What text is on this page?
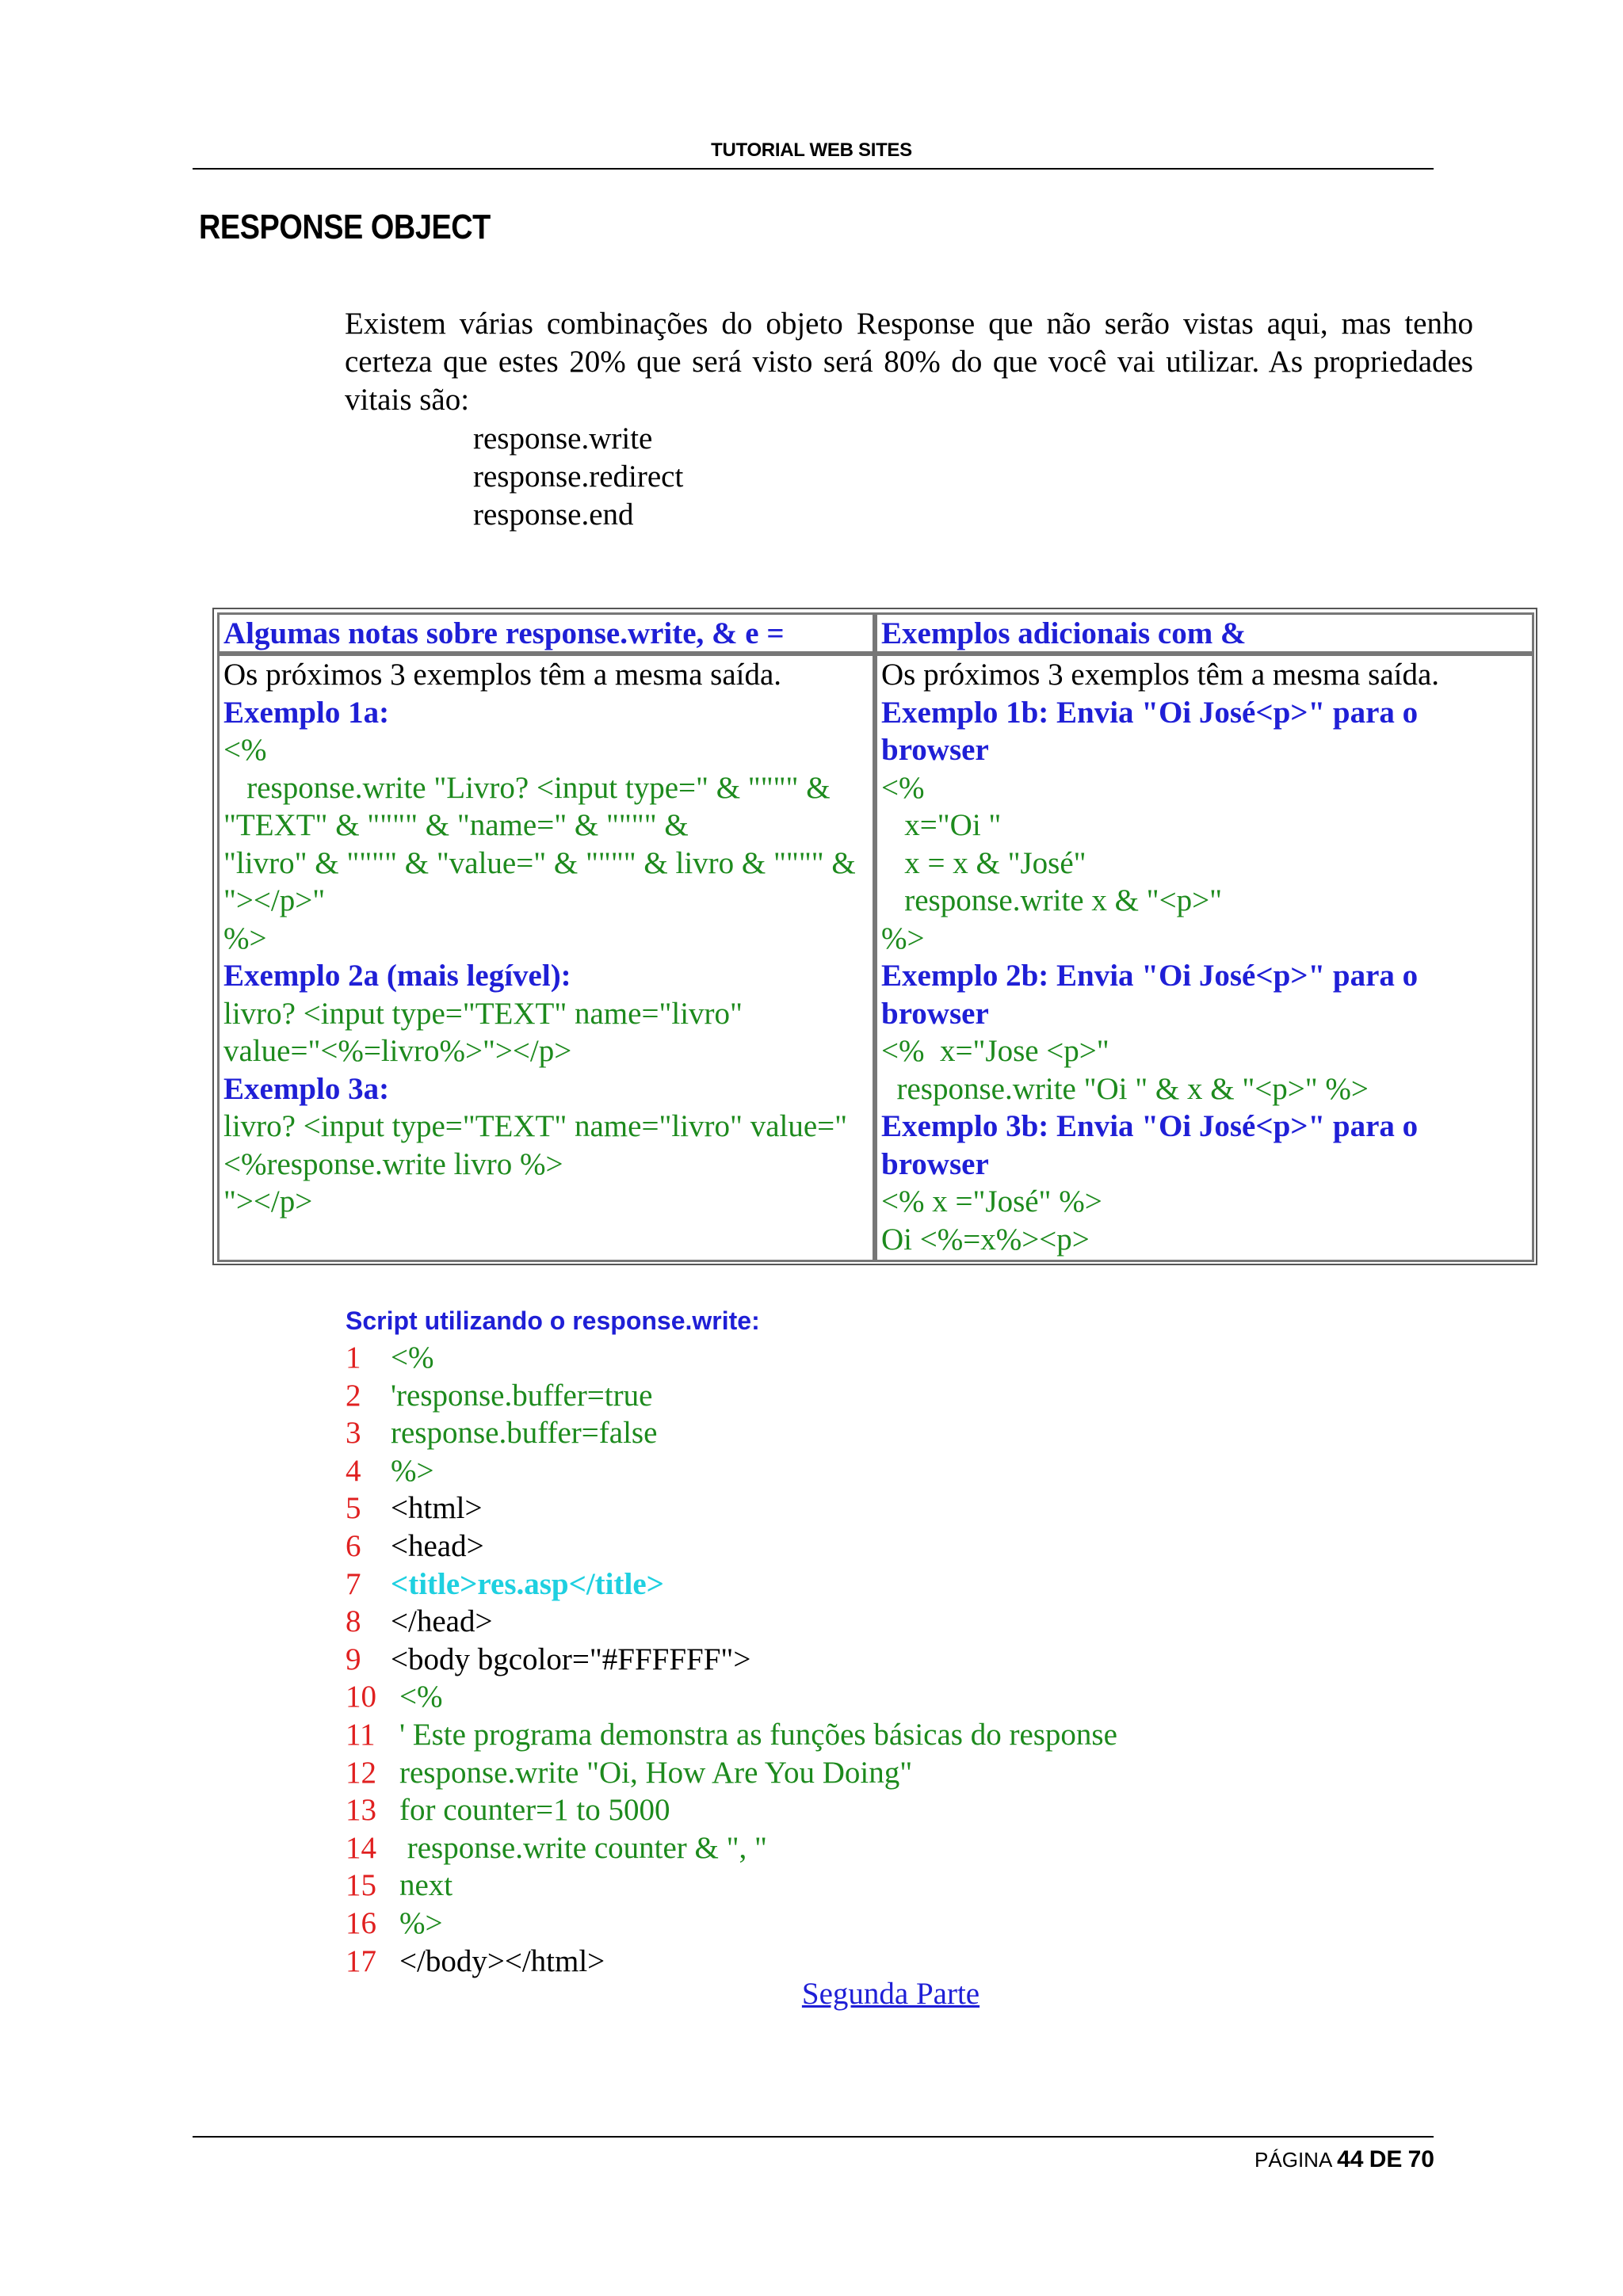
TUTORIAL WEB SITES
RESPONSE OBJECT
Existem várias combinações do objeto Response que não serão vistas aqui, mas tenho certeza que estes 20% que será visto será 80% do que você vai utilizar. As propriedades vitais são:
response.write
response.redirect
response.end
Algumas notas sobre response.write, & e =	Exemplos adicionais com &
Os próximos 3 exemplos têm a mesma saída.
Exemplo 1a:
<%
response.write "Livro? <input type=" & """" &
"TEXT" & """" & "name=" & """" &
"livro" & """" & "value=" & """" & livro & """" &
"></p>"
%>
Exemplo 2a (mais legível):
livro? <input type="TEXT" name="livro"
value="<%=livro%>"></p>
Exemplo 3a:
livro? <input type="TEXT" name="livro" value="
<%response.write livro %>
"></p>
Os próximos 3 exemplos têm a mesma saída.
Exemplo 1b: Envia "Oi José<p>" para o
browser
<%
x="Oi "
x = x & "José"
response.write x & "<p>"
%>
Exemplo 2b: Envia "Oi José<p>" para o
browser
<%  x="Jose <p>"
response.write "Oi " & x & "<p>" %>
Exemplo 3b: Envia "Oi José<p>" para o
browser
<% x ="José" %>
Oi <%=x%><p>
Script utilizando o response.write:
1 <%
2 'response.buffer=true
3 response.buffer=false
4 %>
5 <html>
6 <head>
7 <title>res.asp</title>
8 </head>
9 <body bgcolor="#FFFFFF">
10 <%
11 ' Este programa demonstra as funções básicas do response
12 response.write "Oi, How Are You Doing"
13 for counter=1 to 5000
14 response.write counter & ", "
15 next
16 %>
17 </body></html>
Segunda Parte
PÁGINA 44 DE 70
